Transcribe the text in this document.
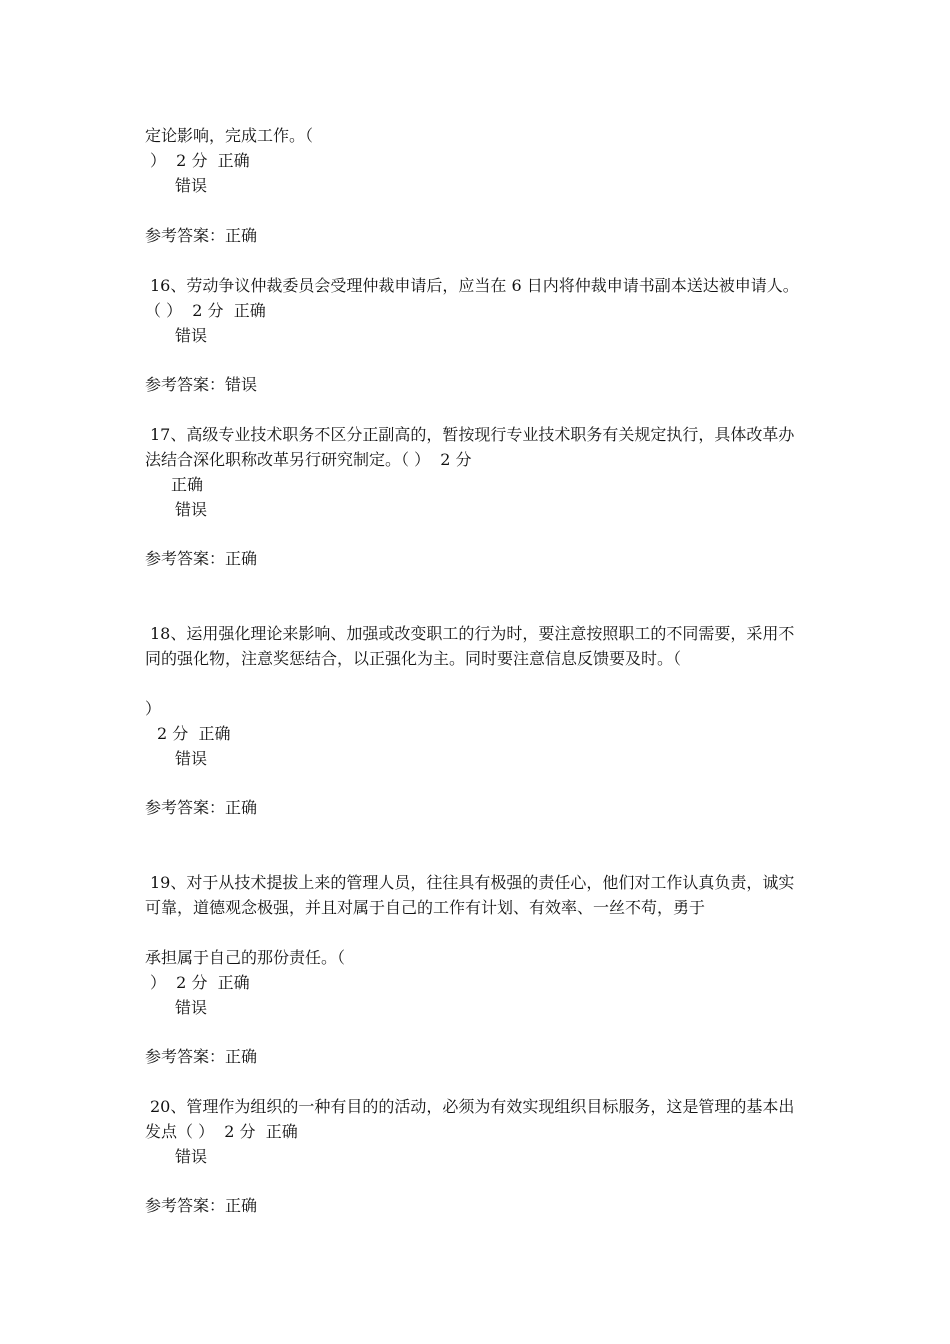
定论影响，完成工作。（
）  2 分  正确
错误
参考答案：正确
16、劳动争议仲裁委员会受理仲裁申请后，应当在 6 日内将仲裁申请书副本送达被申请人。
（ ）  2 分  正确
错误
参考答案：错误
17、高级专业技术职务不区分正副高的，暂按现行专业技术职务有关规定执行，具体改革办
法结合深化职称改革另行研究制定。（ ）  2 分
正确
错误
参考答案：正确
18、运用强化理论来影响、加强或改变职工的行为时，要注意按照职工的不同需要，采用不
同的强化物，注意奖惩结合，以正强化为主。同时要注意信息反馈要及时。（
）
2 分  正确
错误
参考答案：正确
19、对于从技术提拔上来的管理人员，往往具有极强的责任心，他们对工作认真负责，诚实
可靠，道德观念极强，并且对属于自己的工作有计划、有效率、一丝不苟，勇于
承担属于自己的那份责任。（
）  2 分  正确
错误
参考答案：正确
20、管理作为组织的一种有目的的活动，必须为有效实现组织目标服务，这是管理的基本出
发点（ ）  2 分  正确
错误
参考答案：正确
